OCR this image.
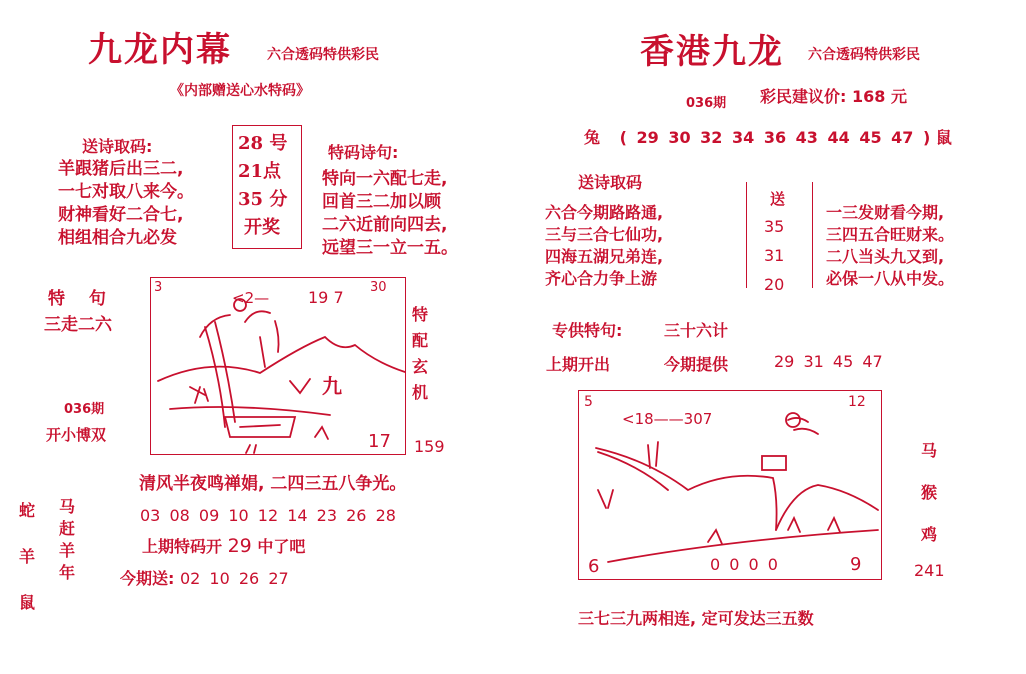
九龙内幕	六合透码特供彩民
《内部赠送心水特码》
送诗取码:
羊跟猪后出三二,
一七对取八来今。
财神看好二合七,
相组相合九必发
28 号
21点
35 分
开奖
特码诗句:
特向一六配七走,
回首三二加以顾
二六近前向四去,
远望三一立一五。
特 句
三走二六
036期
开小博双
3
<2— 19 7
30
九
17
特配玄机
159
清风半夜鸣禅娟, 二四三五八争光。
蛇
羊
鼠
马
赶
羊
年
03 08 09 10 12 14 23 26 28
上期特码开 29 中了吧
今期送: 02 10 26 27
香港九龙 六合透码特供彩民
036期 彩民建议价: 168 元
兔 ( 29 30 32 34 36 43 44 45 47 ) 鼠
送诗取码
六合今期路路通,
三与三合七仙功,
四海五湖兄弟连,
齐心合力争上游
送
35
31
20
一三发财看今期,
三四五合旺财来。
二八当头九又到,
必保一八从中发。
专供特句:	三十六计
上期开出	今期提供	29 31 45 47
5
<18——307
12
6	0 0 0 0	9
马
猴
鸡
241
三七三九两相连, 定可发达三五数
